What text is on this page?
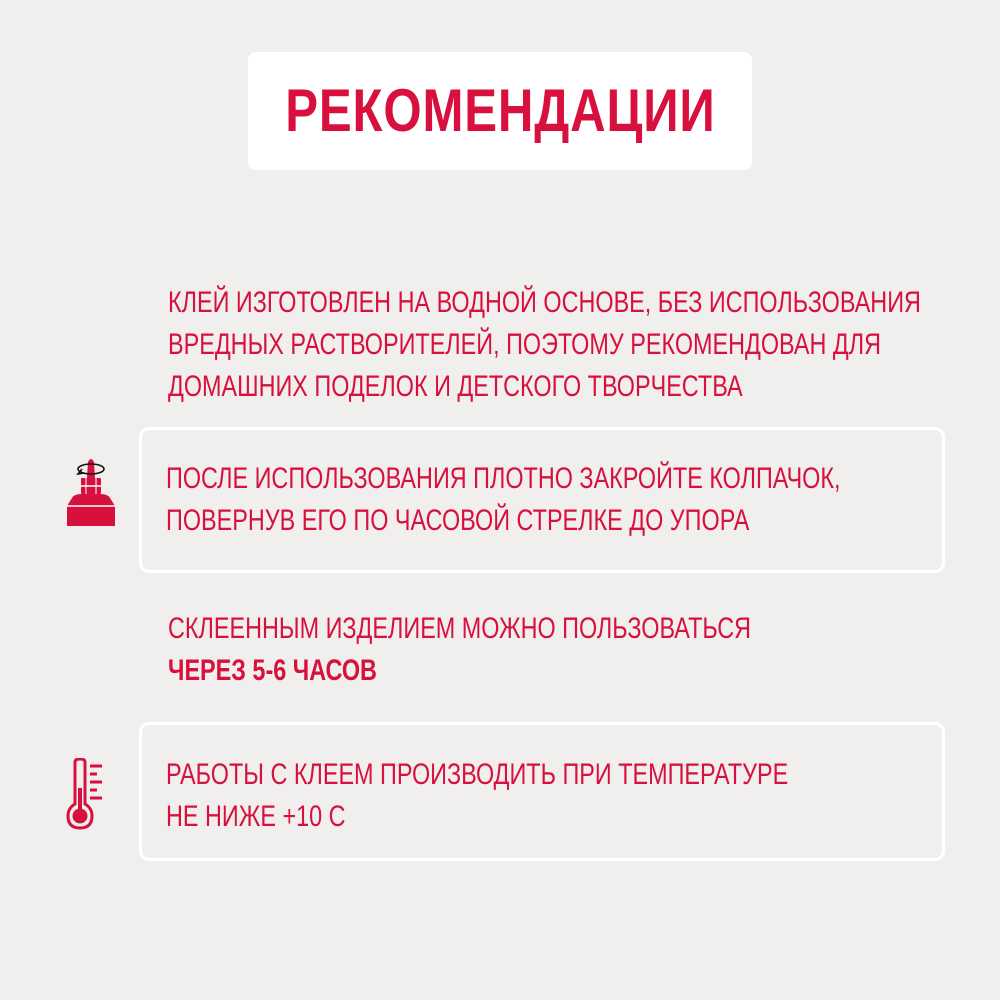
РЕКОМЕНДАЦИИ
КЛЕЙ ИЗГОТОВЛЕН НА ВОДНОЙ ОСНОВЕ, БЕЗ ИСПОЛЬЗОВАНИЯ
ВРЕДНЫХ РАСТВОРИТЕЛЕЙ, ПОЭТОМУ РЕКОМЕНДОВАН ДЛЯ
ДОМАШНИХ ПОДЕЛОК И ДЕТСКОГО ТВОРЧЕСТВА
ПОСЛЕ ИСПОЛЬЗОВАНИЯ ПЛОТНО ЗАКРОЙТЕ КОЛПАЧОК,
ПОВЕРНУВ ЕГО ПО ЧАСОВОЙ СТРЕЛКЕ ДО УПОРА
СКЛЕЕННЫМ ИЗДЕЛИЕМ МОЖНО ПОЛЬЗОВАТЬСЯ
ЧЕРЕЗ 5-6 ЧАСОВ
РАБОТЫ С КЛЕЕМ ПРОИЗВОДИТЬ ПРИ ТЕМПЕРАТУРЕ
НЕ НИЖЕ +10 С
